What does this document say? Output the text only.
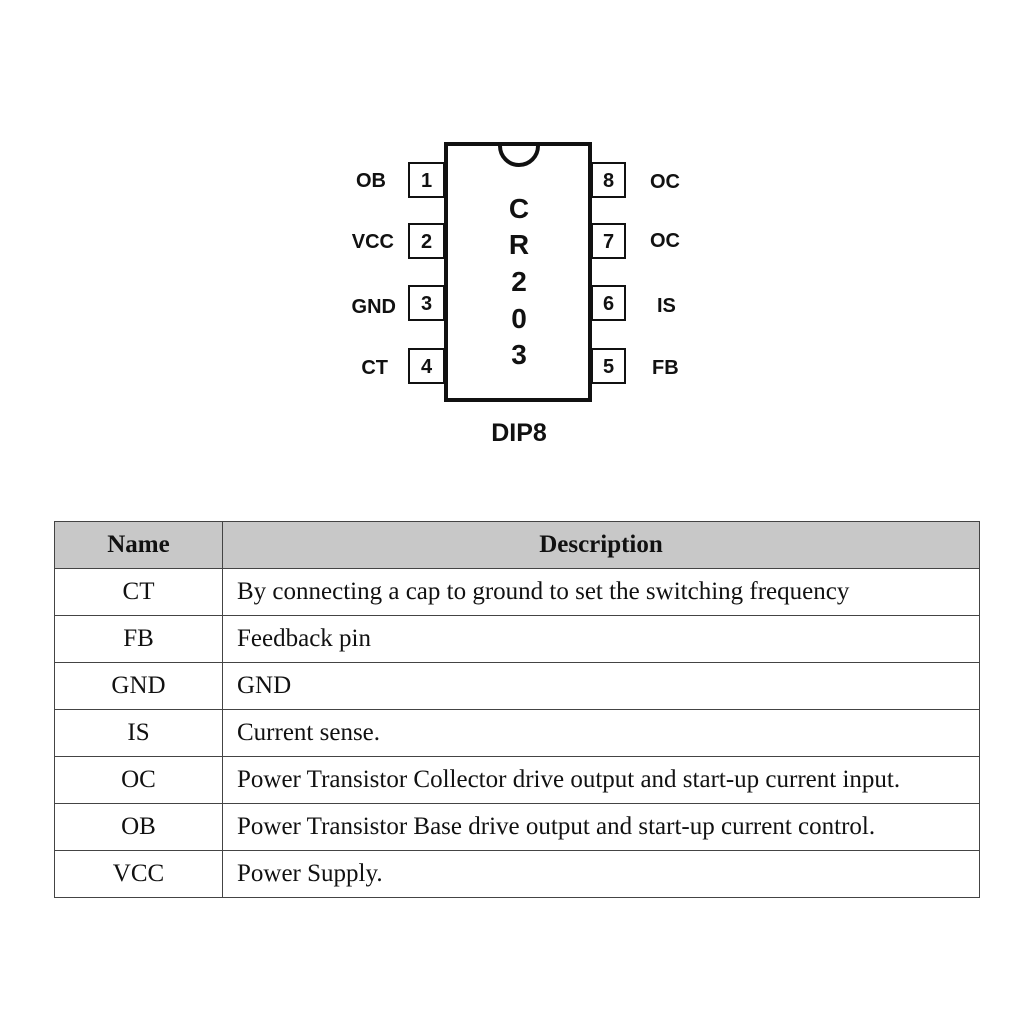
C
R
2
0
3
1
OB
2
VCC
3
GND
4
CT
8 OC
7 OC
6 IS
5 FB
DIP8
Name	Description
CT	By connecting a cap to ground to set the switching frequency
FB	Feedback pin
GND	GND
IS	Current sense.
OC	Power Transistor Collector drive output and start-up current input.
OB	Power Transistor Base drive output and start-up current control.
VCC	Power Supply.
